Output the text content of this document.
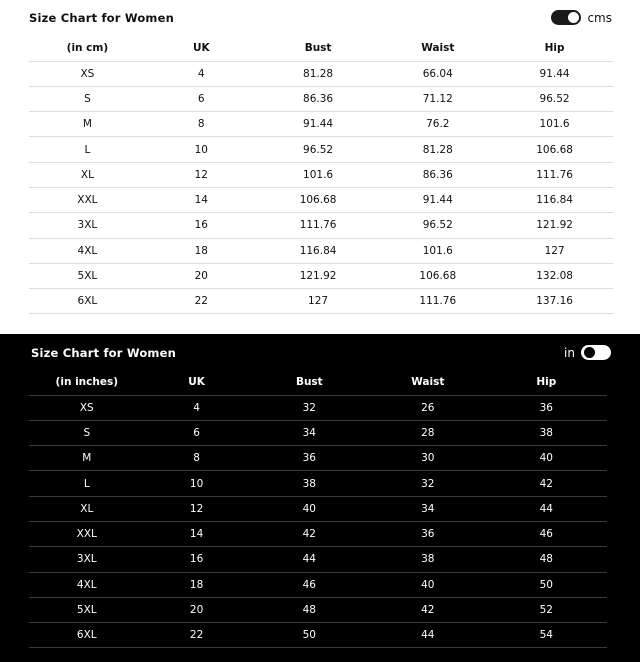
Size Chart for Women	cms
(in cm)	UK	Bust	Waist	Hip
XS	4	81.28	66.04	91.44
S	6	86.36	71.12	96.52
M	8	91.44	76.2	101.6
L	10	96.52	81.28	106.68
XL	12	101.6	86.36	111.76
XXL	14	106.68	91.44	116.84
3XL	16	111.76	96.52	121.92
4XL	18	116.84	101.6	127
5XL	20	121.92	106.68	132.08
6XL	22	127	111.76	137.16
Size Chart for Women	in
(in inches)	UK	Bust	Waist	Hip
XS	4	32	26	36
S	6	34	28	38
M	8	36	30	40
L	10	38	32	42
XL	12	40	34	44
XXL	14	42	36	46
3XL	16	44	38	48
4XL	18	46	40	50
5XL	20	48	42	52
6XL	22	50	44	54
